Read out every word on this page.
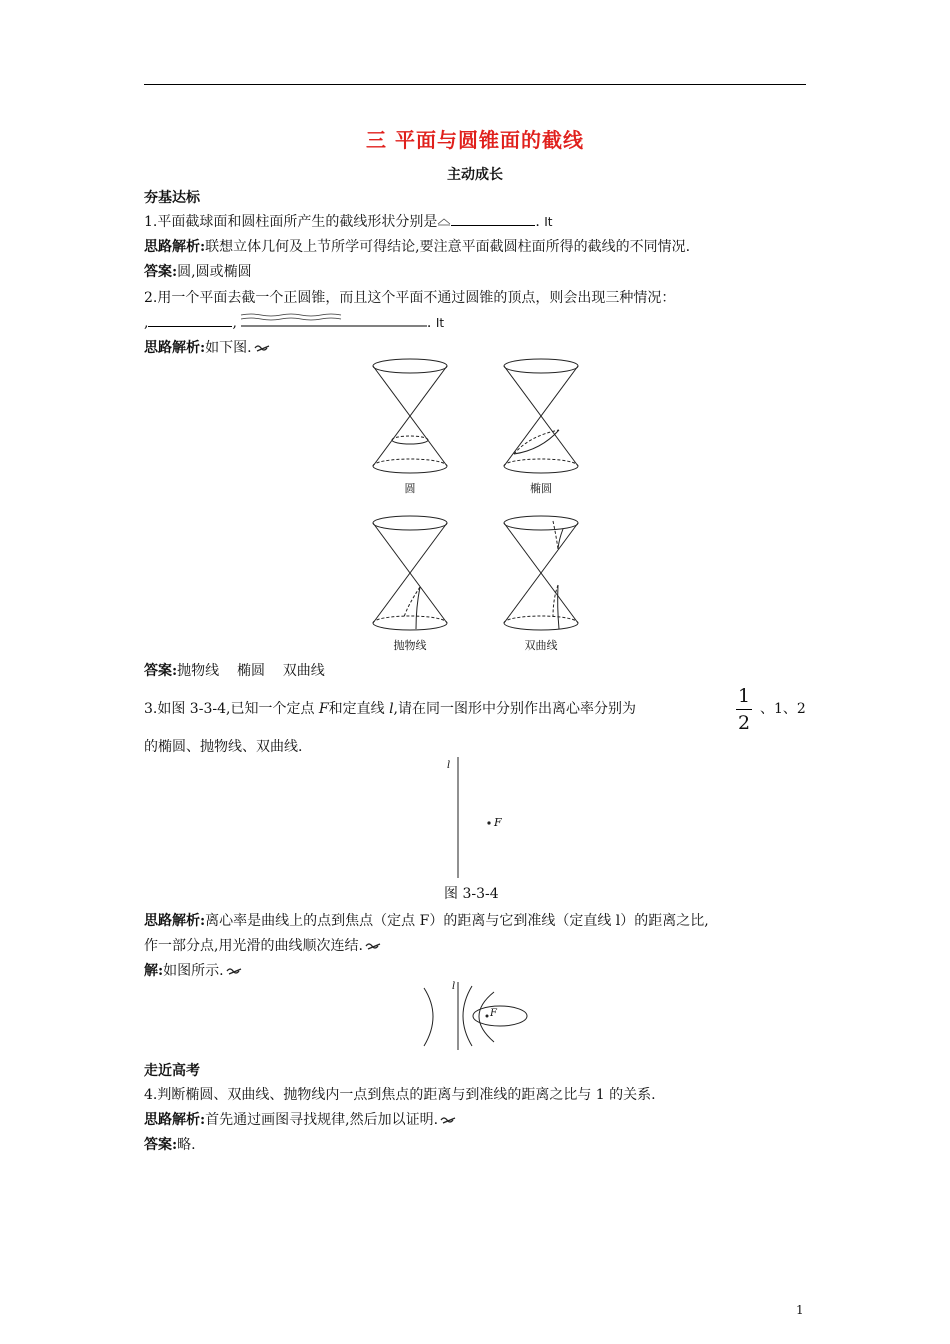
三 平面与圆锥面的截线
主动成长
夯基达标
1.平面截球面和圆柱面所产生的截线形状分别是	. It
思路解析:联想立体几何及上节所学可得结论,要注意平面截圆柱面所得的截线的不同情况.
答案:圆,圆或椭圆
2.用一个平面去截一个正圆锥，而且这个平面不通过圆锥的顶点，则会出现三种情况：
,	,	. It
思路解析:如下图.
圆	椭圆
抛物线	双曲线
答案:抛物线    椭圆    双曲线
3.如图 3-3-4,已知一个定点 F和定直线 l,请在同一图形中分别作出离心率分别为
1
2
、1、2
的椭圆、抛物线、双曲线.
l
F
图 3-3-4
思路解析:离心率是曲线上的点到焦点（定点 F）的距离与它到准线（定直线 l）的距离之比,
作一部分点,用光滑的曲线顺次连结.
解:如图所示.
l
F
走近高考
4.判断椭圆、双曲线、抛物线内一点到焦点的距离与到准线的距离之比与 1 的关系.
思路解析:首先通过画图寻找规律,然后加以证明.
答案:略.
1
